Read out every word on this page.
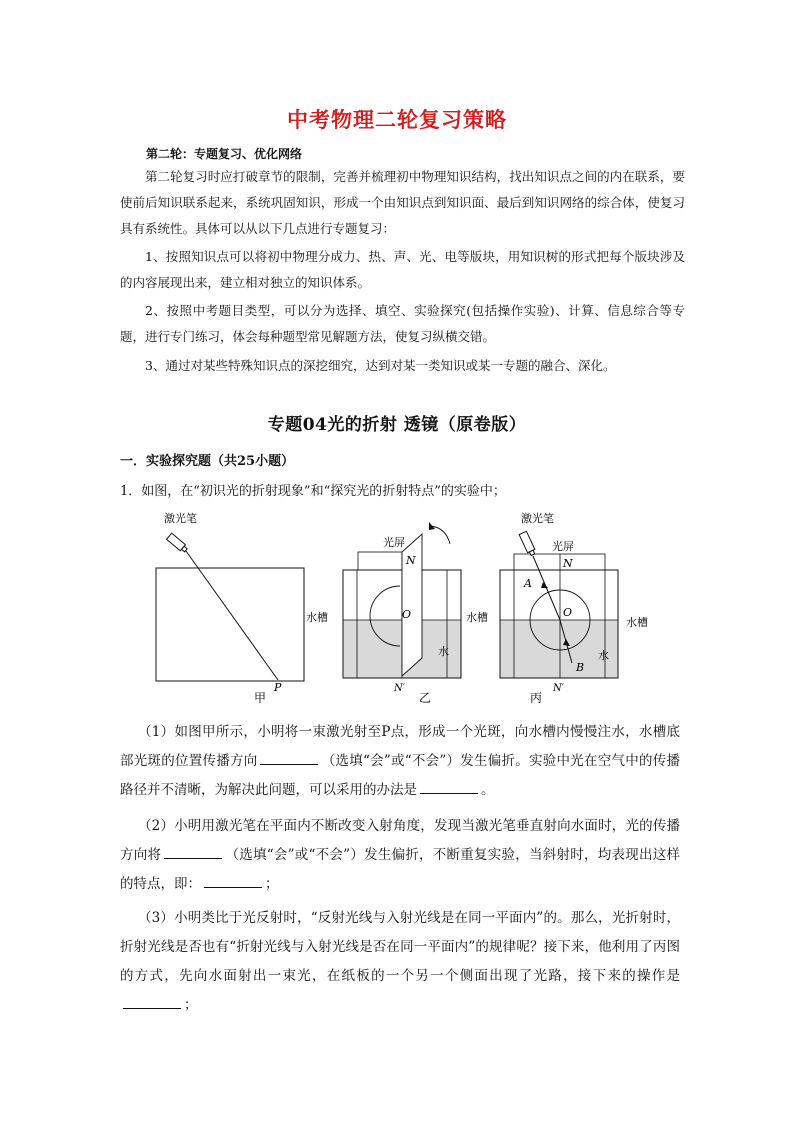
中考物理二轮复习策略
第二轮：专题复习、优化网络

第二轮复习时应打破章节的限制，完善并梳理初中物理知识结构，找出知识点之间的内在联系，要使前后知识联系起来，系统巩固知识，形成一个由知识点到知识面、最后到知识网络的综合体，使复习具有系统性。具体可以从以下几点进行专题复习：

1、按照知识点可以将初中物理分成力、热、声、光、电等版块，用知识树的形式把每个版块涉及的内容展现出来，建立相对独立的知识体系。

2、按照中考题目类型，可以分为选择、填空、实验探究(包括操作实验)、计算、信息综合等专题，进行专门练习，体会每种题型常见解题方法，使复习纵横交错。

3、通过对某些特殊知识点的深挖细究，达到对某一类知识或某一专题的融合、深化。

专题04光的折射 透镜（原卷版）
一．实验探究题（共25小题）
1．如图，在“初识光的折射现象”和“探究光的折射特点”的实验中；
激光笔
P
甲
水槽
光屏
N
O
水
N′
乙
水槽
激光笔
光屏
N
A
O
B
水
N′
丙
水槽

（1）如图甲所示，小明将一束激光射至P点，形成一个光斑，向水槽内慢慢注水，水槽底部光斑的位置传播方向	（选填“会”或“不会”）发生偏折。实验中光在空气中的传播路径并不清晰，为解决此问题，可以采用的办法是	。

（2）小明用激光笔在平面内不断改变入射角度，发现当激光笔垂直射向水面时，光的传播方向将	（选填“会”或“不会”）发生偏折，不断重复实验，当斜射时，均表现出这样的特点，即：	；

（3）小明类比于光反射时，“反射光线与入射光线是在同一平面内”的。那么，光折射时，折射光线是否也有“折射光线与入射光线是否在同一平面内”的规律呢？接下来，他利用了丙图的方式，先向水面射出一束光，在纸板的一个另一个侧面出现了光路，接下来的操作是；
